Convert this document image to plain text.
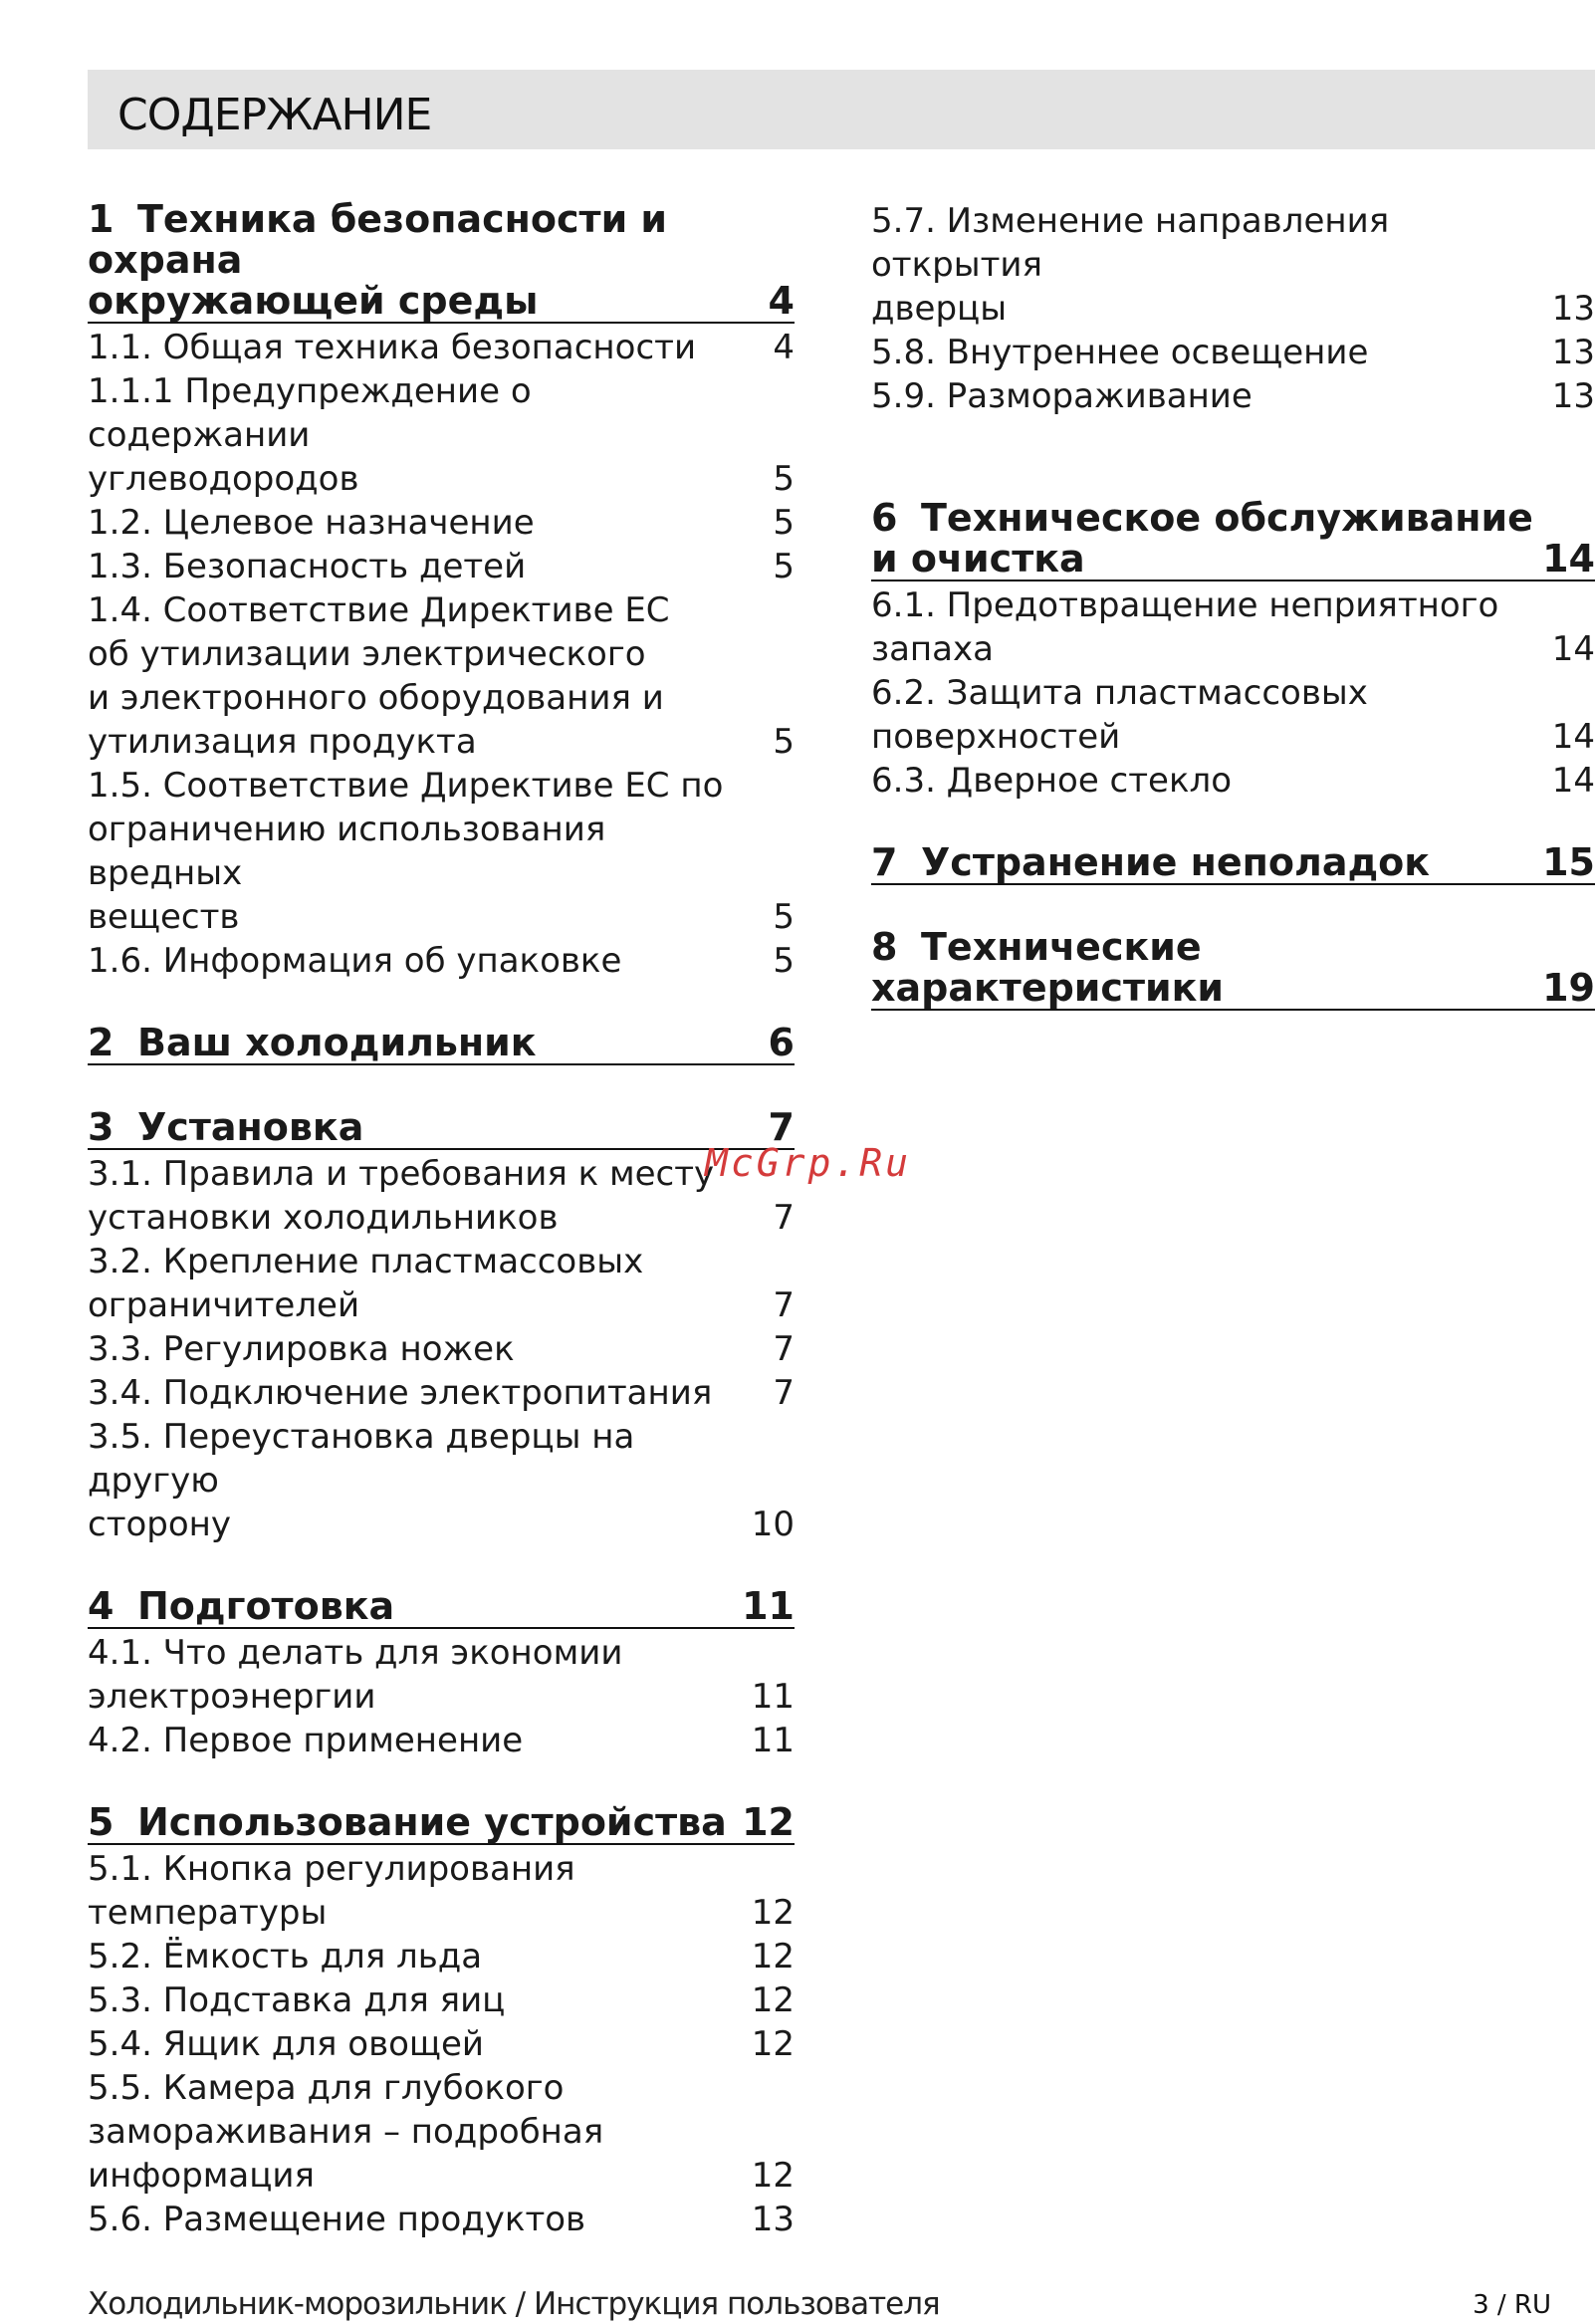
СОДЕРЖАНИЕ
1 Техника безопасности и охрана
окружающей среды	4
1.1. Общая техника безопасности	4
1.1.1 Предупреждение о содержании
углеводородов	5
1.2. Целевое назначение	5
1.3. Безопасность детей	5
1.4. Соответствие Директиве ЕС
об утилизации электрического
и электронного оборудования и
утилизация продукта	5
1.5. Соответствие Директиве ЕС по
ограничению использования вредных
веществ	5
1.6. Информация об упаковке	5
2 Ваш холодильник	6
3 Установка	7
3.1. Правила и требования к месту
установки холодильников	7
3.2. Крепление пластмассовых
ограничителей	7
3.3. Регулировка ножек	7
3.4. Подключение электропитания	7
3.5. Переустановка дверцы на другую
сторону	10
4 Подготовка	11
4.1. Что делать для экономии
электроэнергии	11
4.2. Первое применение	11
5 Использование устройства 12
5.1. Кнопка регулирования
температуры	12
5.2. Ёмкость для льда	12
5.3. Подставка для яиц	12
5.4. Ящик для овощей	12
5.5. Камера для глубокого
замораживания – подробная
информация	12
5.6. Размещение продуктов	13
5.7. Изменение направления открытия
дверцы	13
5.8. Внутреннее освещение	13
5.9. Размораживание	13
6 Техническое обслуживание
и очистка	14
6.1. Предотвращение неприятного
запаха	14
6.2. Защита пластмассовых
поверхностей	14
6.3. Дверное стекло	14
7 Устранение неполадок	15
8 Технические
характеристики	19
McGrp.Ru
Холодильник-морозильник / Инструкция пользователя	3 / RU
